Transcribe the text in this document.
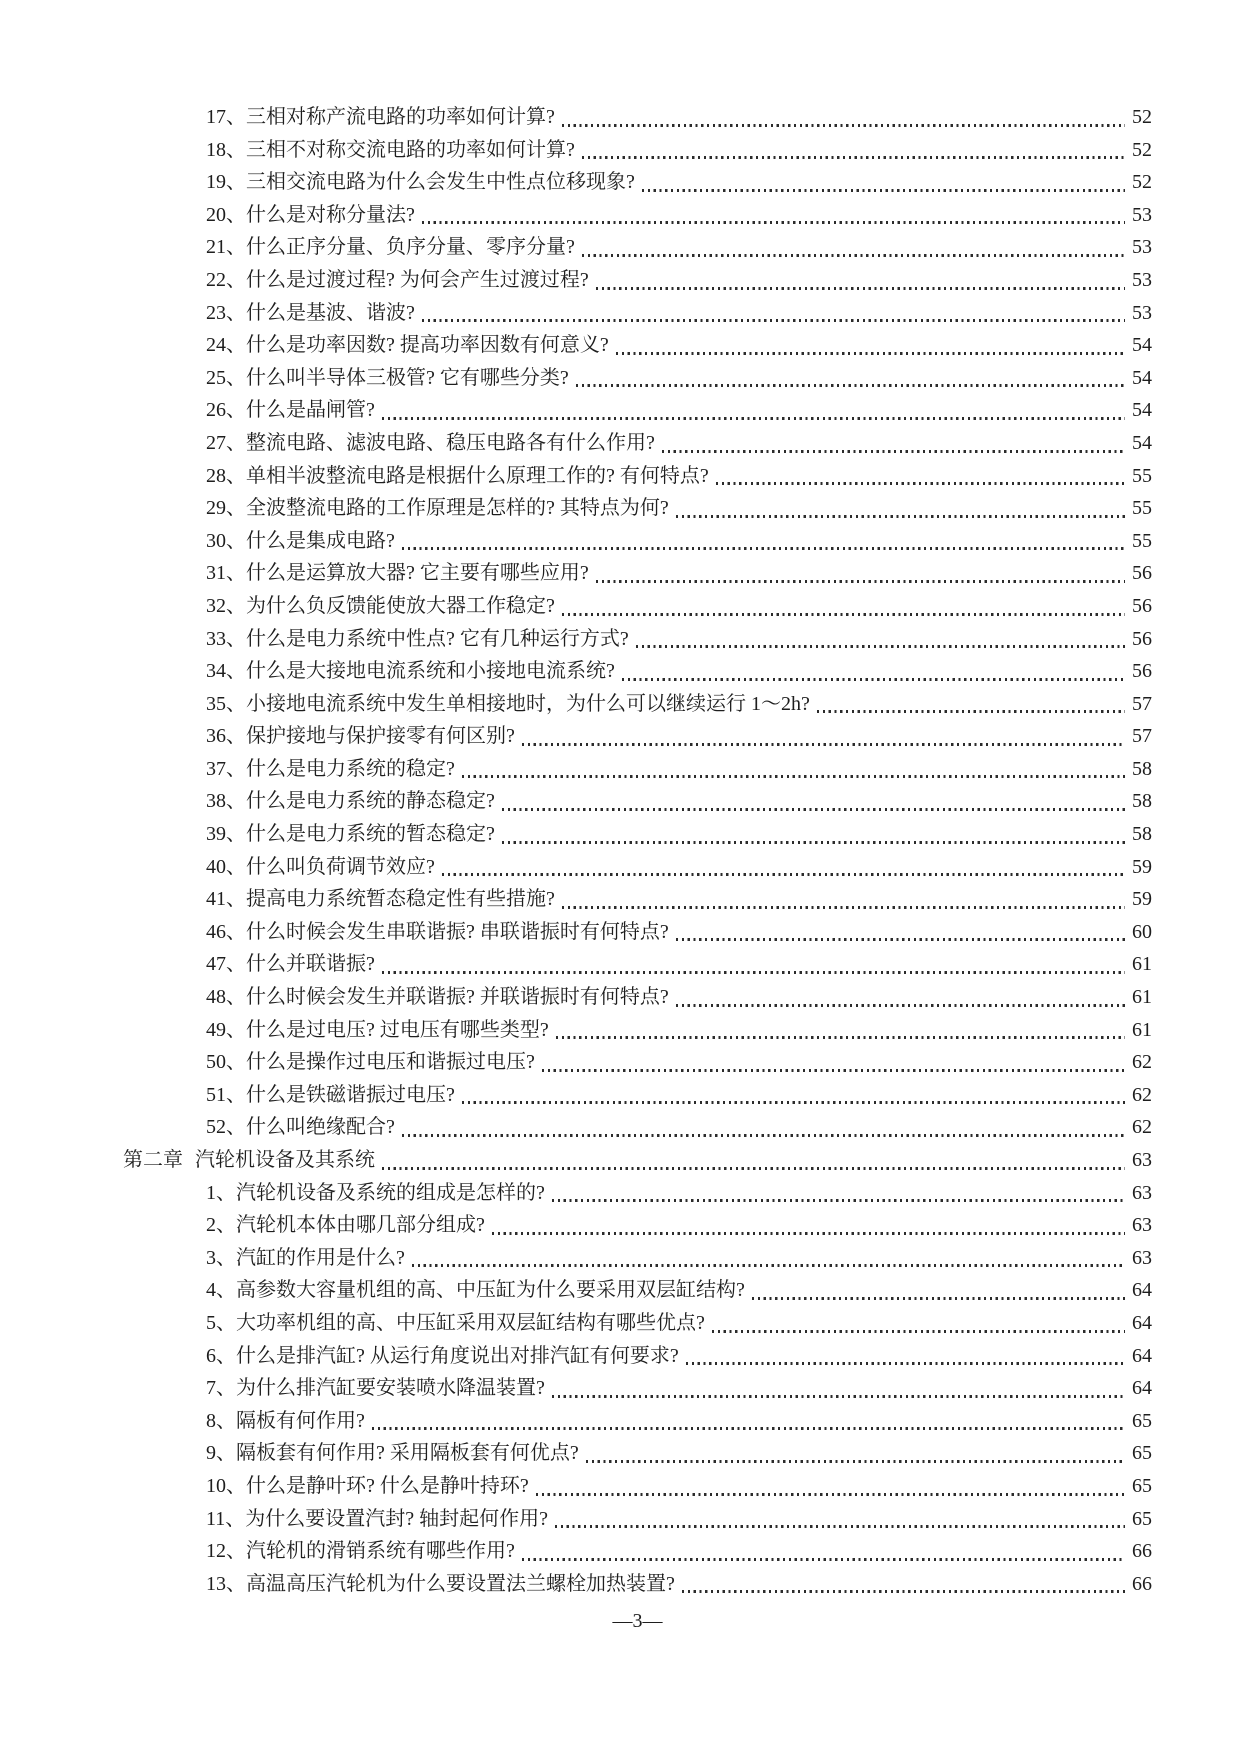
17、 三相对称产流电路的功率如何计算?	52
18、 三相不对称交流电路的功率如何计算?	52
19、 三相交流电路为什么会发生中性点位移现象?	52
20、 什么是对称分量法?	53
21、 什么正序分量、负序分量、零序分量?	53
22、 什么是过渡过程? 为何会产生过渡过程?	53
23、 什么是基波、谐波?	53
24、 什么是功率因数? 提高功率因数有何意义?	54
25、 什么叫半导体三极管? 它有哪些分类?	54
26、 什么是晶闸管?	54
27、 整流电路、滤波电路、稳压电路各有什么作用?	54
28、 单相半波整流电路是根据什么原理工作的? 有何特点?	55
29、 全波整流电路的工作原理是怎样的? 其特点为何?	55
30、 什么是集成电路?	55
31、 什么是运算放大器? 它主要有哪些应用?	56
32、 为什么负反馈能使放大器工作稳定?	56
33、 什么是电力系统中性点? 它有几种运行方式?	56
34、 什么是大接地电流系统和小接地电流系统?	56
35、 小接地电流系统中发生单相接地时，为什么可以继续运行 1～2h?	57
36、 保护接地与保护接零有何区别?	57
37、 什么是电力系统的稳定?	58
38、 什么是电力系统的静态稳定?	58
39、 什么是电力系统的暂态稳定?	58
40、 什么叫负荷调节效应?	59
41、 提高电力系统暂态稳定性有些措施?	59
46、 什么时候会发生串联谐振? 串联谐振时有何特点?	60
47、 什么并联谐振?	61
48、 什么时候会发生并联谐振? 并联谐振时有何特点?	61
49、 什么是过电压? 过电压有哪些类型?	61
50、 什么是操作过电压和谐振过电压?	62
51、 什么是铁磁谐振过电压?	62
52、 什么叫绝缘配合?	62
第二章 汽轮机设备及其系统	63
1、 汽轮机设备及系统的组成是怎样的?	63
2、 汽轮机本体由哪几部分组成?	63
3、 汽缸的作用是什么?	63
4、 高参数大容量机组的高、中压缸为什么要采用双层缸结构?	64
5、 大功率机组的高、中压缸采用双层缸结构有哪些优点?	64
6、 什么是排汽缸? 从运行角度说出对排汽缸有何要求?	64
7、 为什么排汽缸要安装喷水降温装置?	64
8、 隔板有何作用?	65
9、 隔板套有何作用? 采用隔板套有何优点?	65
10、 什么是静叶环? 什么是静叶持环?	65
11、 为什么要设置汽封? 轴封起何作用?	65
12、 汽轮机的滑销系统有哪些作用?	66
13、 高温高压汽轮机为什么要设置法兰螺栓加热装置?	66
—3—
